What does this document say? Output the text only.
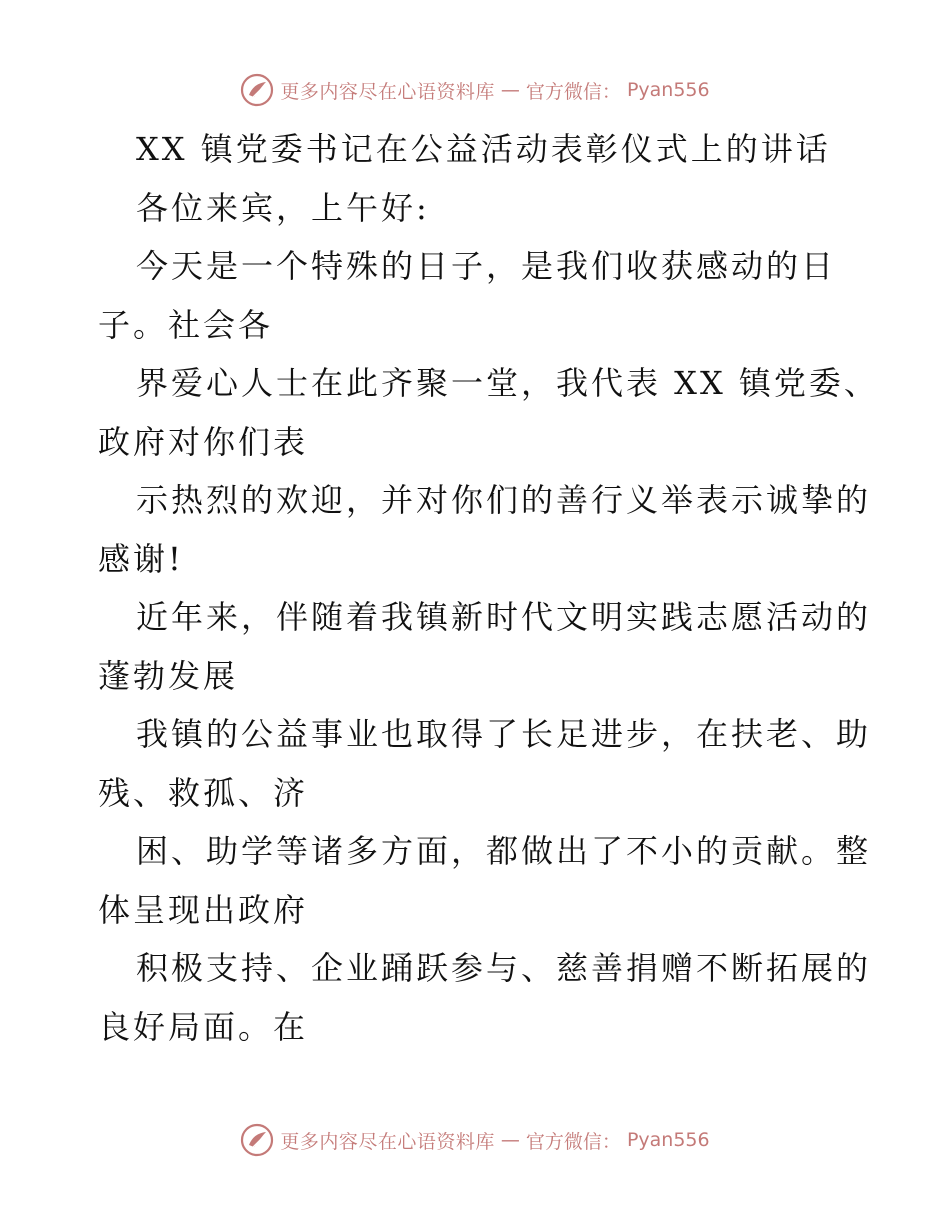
更多内容尽在心语资料库 — 官方微信： Pyan556
XX 镇党委书记在公益活动表彰仪式上的讲话
各位来宾，上午好:
今天是一个特殊的日子，是我们收获感动的日
子。社会各
界爱心人士在此齐聚一堂，我代表 XX 镇党委、
政府对你们表
示热烈的欢迎，并对你们的善行义举表示诚挚的
感谢!
近年来，伴随着我镇新时代文明实践志愿活动的
蓬勃发展
我镇的公益事业也取得了长足进步，在扶老、助
残、救孤、济
困、助学等诸多方面，都做出了不小的贡献。整
体呈现出政府
积极支持、企业踊跃参与、慈善捐赠不断拓展的
良好局面。在
更多内容尽在心语资料库 — 官方微信： Pyan556
